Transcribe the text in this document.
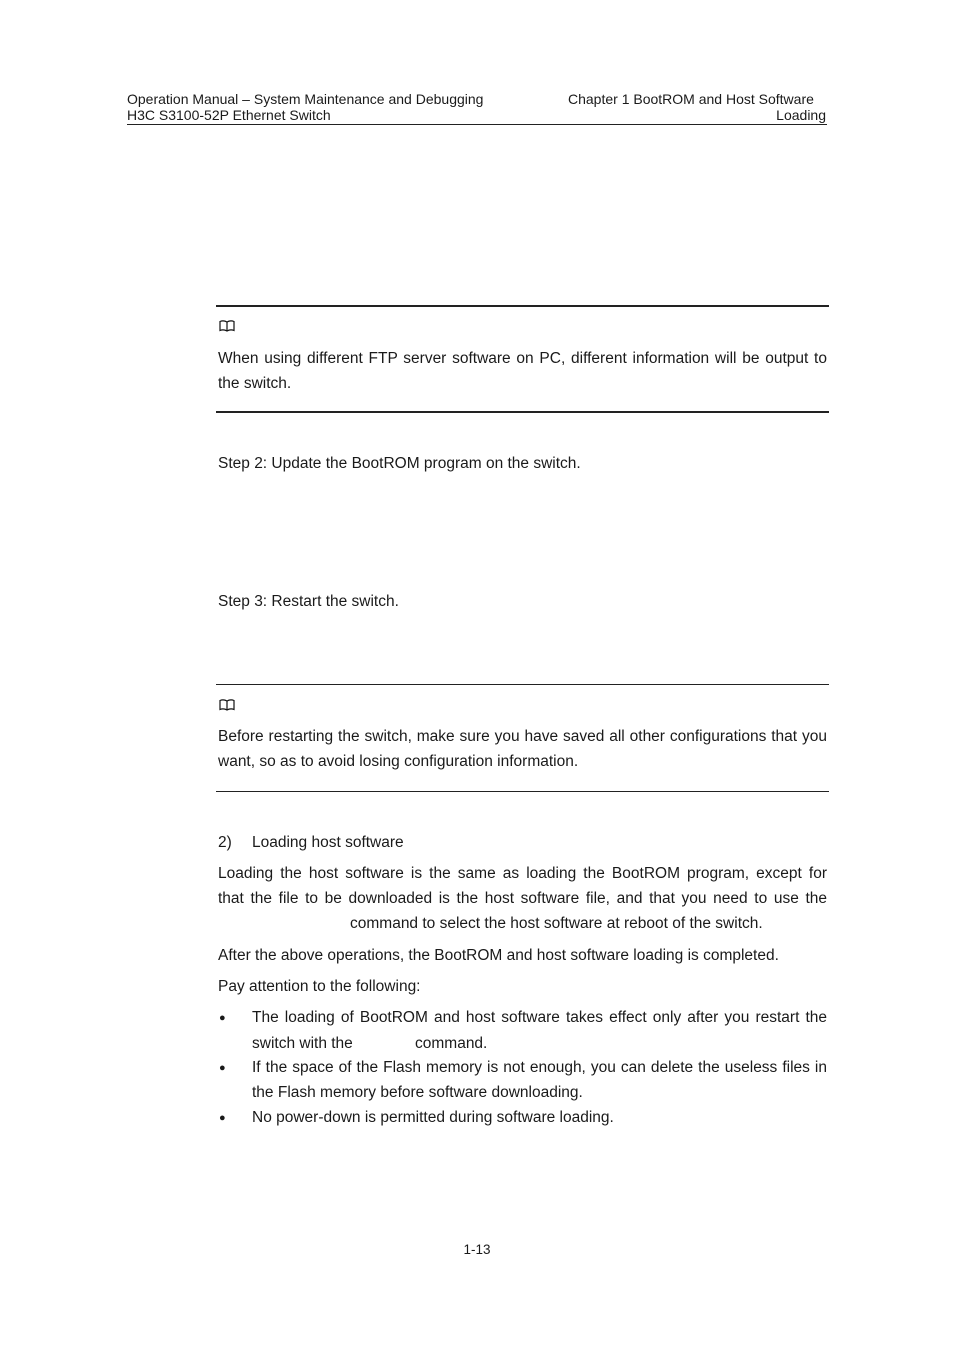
Operation Manual – System Maintenance and Debugging
H3C S3100-52P Ethernet Switch
Chapter 1 BootROM and Host Software
Loading
When using different FTP server software on PC, different information will be output to the switch.
Step 2: Update the BootROM program on the switch.
Step 3: Restart the switch.
Before restarting the switch, make sure you have saved all other configurations that you want, so as to avoid losing configuration information.
2) Loading host software
Loading the host software is the same as loading the BootROM program, except for
that the file to be downloaded is the host software file, and that you need to use the
command to select the host software at reboot of the switch.
After the above operations, the BootROM and host software loading is completed.
Pay attention to the following:
● The loading of BootROM and host software takes effect only after you restart the
switch with the	command.
● If the space of the Flash memory is not enough, you can delete the useless files in the Flash memory before software downloading.
● No power-down is permitted during software loading.
1-13
